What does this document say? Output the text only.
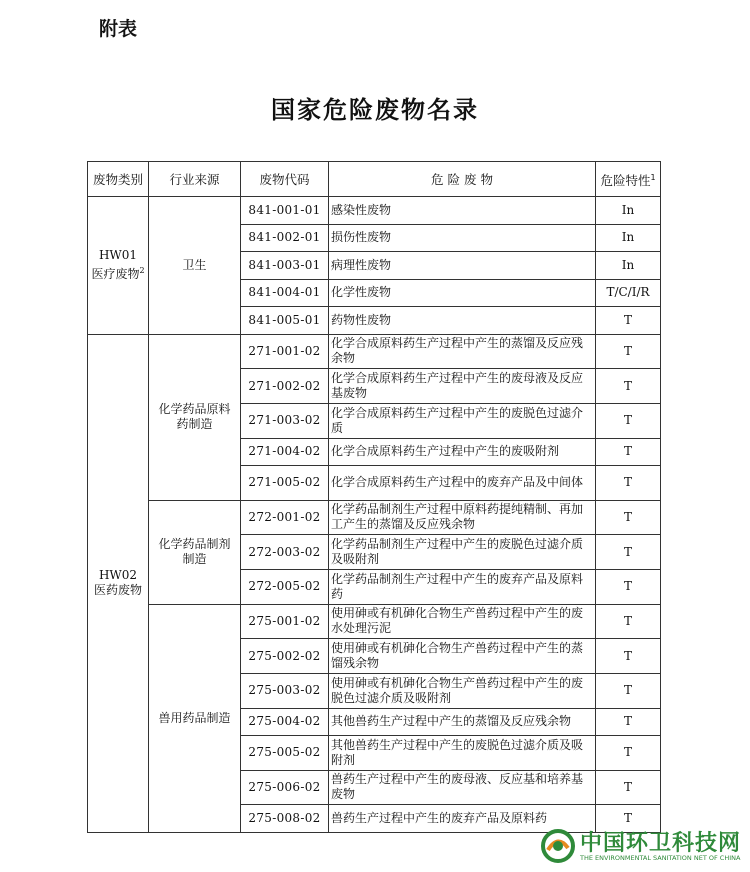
附表
国家危险废物名录
废物类别	行业来源	废物代码	危 险 废 物	危险特性$^1$

HW01
医疗废物$^2$	卫生	841-001-01	感染性废物	In
		841-002-01	损伤性废物	In
		841-003-01	病理性废物	In
		841-004-01	化学性废物	T/C/I/R
		841-005-01	药物性废物	T

HW02
医药废物	化学药品原料药制造	271-001-02	化学合成原料药生产过程中产生的蒸馏及反应残余物	T
		271-002-02	化学合成原料药生产过程中产生的废母液及反应基废物	T
		271-003-02	化学合成原料药生产过程中产生的废脱色过滤介质	T
		271-004-02	化学合成原料药生产过程中产生的废吸附剂	T
		271-005-02	化学合成原料药生产过程中的废弃产品及中间体	T
	化学药品制剂制造	272-001-02	化学药品制剂生产过程中原料药提纯精制、再加工产生的蒸馏及反应残余物	T
		272-003-02	化学药品制剂生产过程中产生的废脱色过滤介质及吸附剂	T
		272-005-02	化学药品制剂生产过程中产生的废弃产品及原料药	T
	兽用药品制造	275-001-02	使用砷或有机砷化合物生产兽药过程中产生的废水处理污泥	T
		275-002-02	使用砷或有机砷化合物生产兽药过程中产生的蒸馏残余物	T
		275-003-02	使用砷或有机砷化合物生产兽药过程中产生的废脱色过滤介质及吸附剂	T
		275-004-02	其他兽药生产过程中产生的蒸馏及反应残余物	T
		275-005-02	其他兽药生产过程中产生的废脱色过滤介质及吸附剂	T
		275-006-02	兽药生产过程中产生的废母液、反应基和培养基废物	T
		275-008-02	兽药生产过程中产生的废弃产品及原料药	T
中国环卫科技网
THE ENVIRONMENTAL SANITATION NET OF CHINA
